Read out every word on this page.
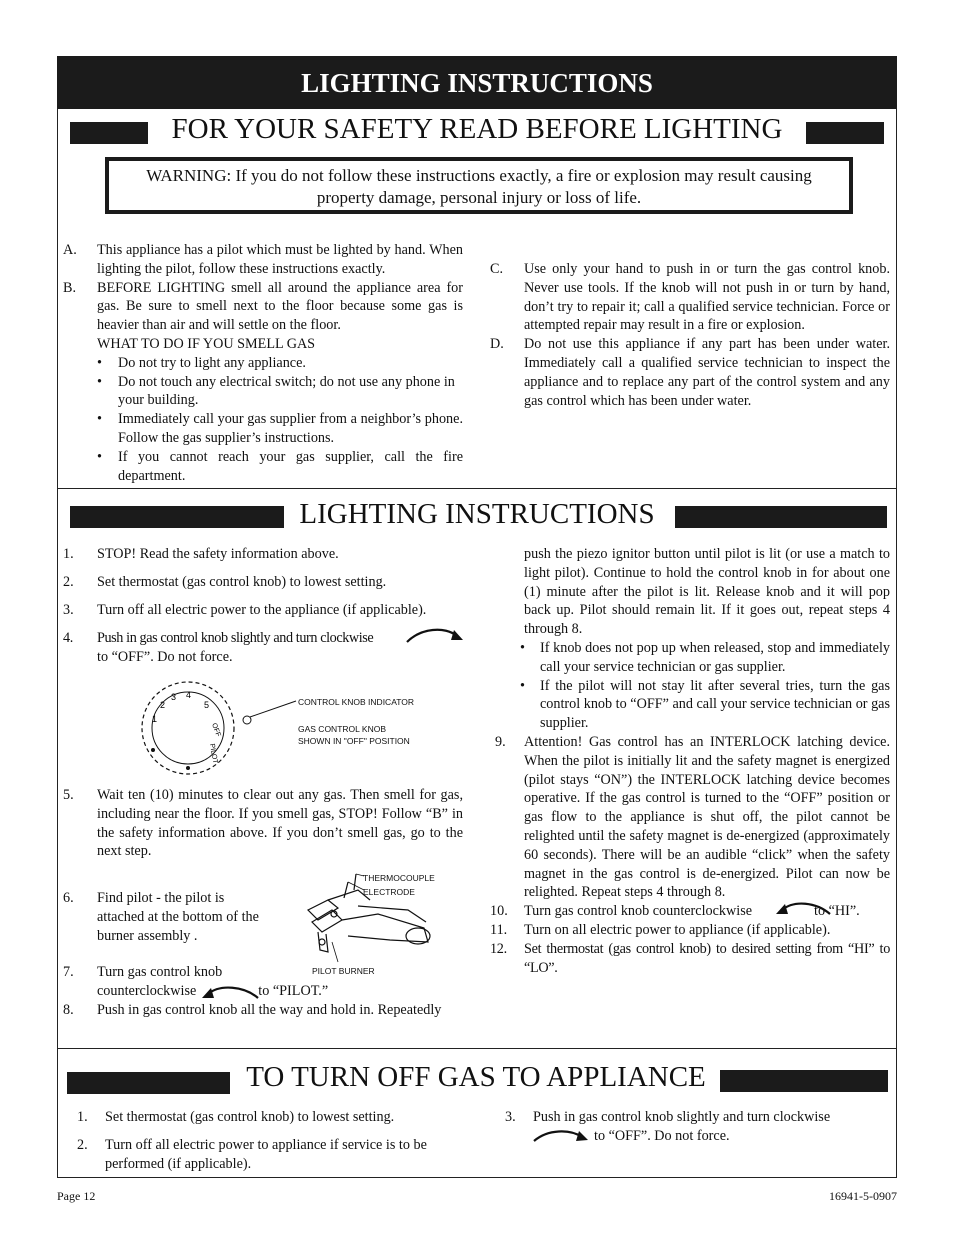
LIGHTING INSTRUCTIONS
FOR YOUR SAFETY READ BEFORE LIGHTING
WARNING: If you do not follow these instructions exactly, a fire or explosion may result causing property damage, personal injury or loss of life.
A. This appliance has a pilot which must be lighted by hand. When lighting the pilot, follow these instructions exactly.
B. BEFORE LIGHTING smell all around the appliance area for gas. Be sure to smell next to the floor because some gas is heavier than air and will settle on the floor.
WHAT TO DO IF YOU SMELL GAS
• Do not try to light any appliance.
• Do not touch any electrical switch; do not use any phone in your building.
• Immediately call your gas supplier from a neighbor’s phone. Follow the gas supplier’s instructions.
• If you cannot reach your gas supplier, call the fire department.
C. Use only your hand to push in or turn the gas control knob. Never use tools. If the knob will not push in or turn by hand, don’t try to repair it; call a qualified service technician. Force or attempted repair may result in a fire or explosion.
D. Do not use this appliance if any part has been under water. Immediately call a qualified service technician to inspect the appliance and to replace any part of the control system and any gas control which has been under water.
LIGHTING INSTRUCTIONS
1. STOP! Read the safety information above.
2. Set thermostat (gas control knob) to lowest setting.
3. Turn off all electric power to the appliance (if applicable).
4. Push in gas control knob slightly and turn clockwise
to “OFF”. Do not force.
1
2
3 4
5
OFF
PILOT
CONTROL KNOB INDICATOR
GAS CONTROL KNOB
SHOWN IN "OFF" POSITION
5. Wait ten (10) minutes to clear out any gas. Then smell for gas, including near the floor. If you smell gas, STOP! Follow “B” in the safety information above. If you don’t smell gas, go to the next step.
6. Find pilot - the pilot is attached at the bottom of the burner assembly .
THERMOCOUPLE
ELECTRODE
PILOT BURNER
7. Turn gas control knob
counterclockwise	to “PILOT.”
8. Push in gas control knob all the way and hold in. Repeatedly
push the piezo ignitor button until pilot is lit (or use a match to light pilot). Continue to hold the control knob in for about one (1) minute after the pilot is lit. Release knob and it will pop back up. Pilot should remain lit. If it goes out, repeat steps 4 through 8.
• If knob does not pop up when released, stop and immediately call your service technician or gas supplier.
• If the pilot will not stay lit after several tries, turn the gas control knob to “OFF” and call your service technician or gas supplier.
9. Attention! Gas control has an INTERLOCK latching device. When the pilot is initially lit and the safety magnet is energized (pilot stays “ON”) the INTERLOCK latching device becomes operative. If the gas control is turned to the “OFF” position or gas flow to the appliance is shut off, the pilot cannot be relighted until the safety magnet is de-energized (approximately 60 seconds). There will be an audible “click” when the safety magnet in the gas control is de-energized. Pilot can now be relighted. Repeat steps 4 through 8.
10. Turn gas control knob counterclockwise	to “HI”.
11. Turn on all electric power to appliance (if applicable).
12. Set thermostat (gas control knob) to desired setting from “HI” to “LO”.
TO TURN OFF GAS TO APPLIANCE
1. Set thermostat (gas control knob) to lowest setting.
2. Turn off all electric power to appliance if service is to be performed (if applicable).
3. Push in gas control knob slightly and turn clockwise
to “OFF”. Do not force.
Page 12	16941-5-0907
